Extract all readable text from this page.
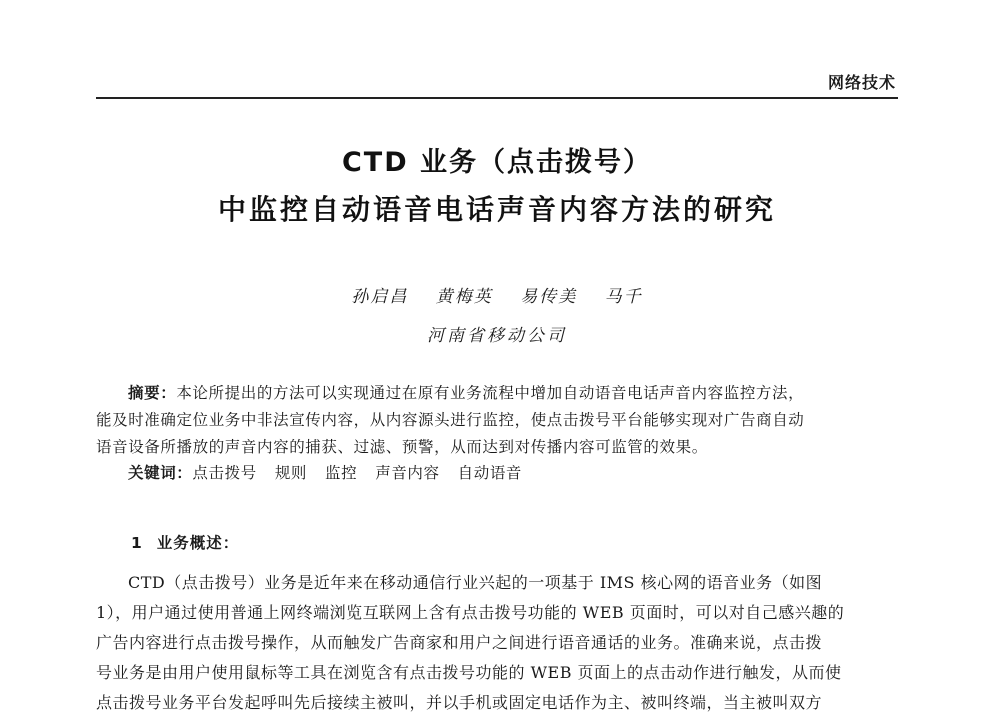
网络技术
CTD 业务（点击拨号）
中监控自动语音电话声音内容方法的研究
孙启昌 黄梅英 易传美 马千
河南省移动公司
摘要：本论所提出的方法可以实现通过在原有业务流程中增加自动语音电话声音内容监控方法，
能及时准确定位业务中非法宣传内容，从内容源头进行监控，使点击拨号平台能够实现对广告商自动
语音设备所播放的声音内容的捕获、过滤、预警，从而达到对传播内容可监管的效果。
关键词：点击拨号 规则 监控 声音内容 自动语音
1 业务概述：
CTD（点击拨号）业务是近年来在移动通信行业兴起的一项基于 IMS 核心网的语音业务（如图
1），用户通过使用普通上网终端浏览互联网上含有点击拨号功能的 WEB 页面时，可以对自己感兴趣的
广告内容进行点击拨号操作，从而触发广告商家和用户之间进行语音通话的业务。准确来说，点击拨
号业务是由用户使用鼠标等工具在浏览含有点击拨号功能的 WEB 页面上的点击动作进行触发，从而使
点击拨号业务平台发起呼叫先后接续主被叫，并以手机或固定电话作为主、被叫终端，当主被叫双方
